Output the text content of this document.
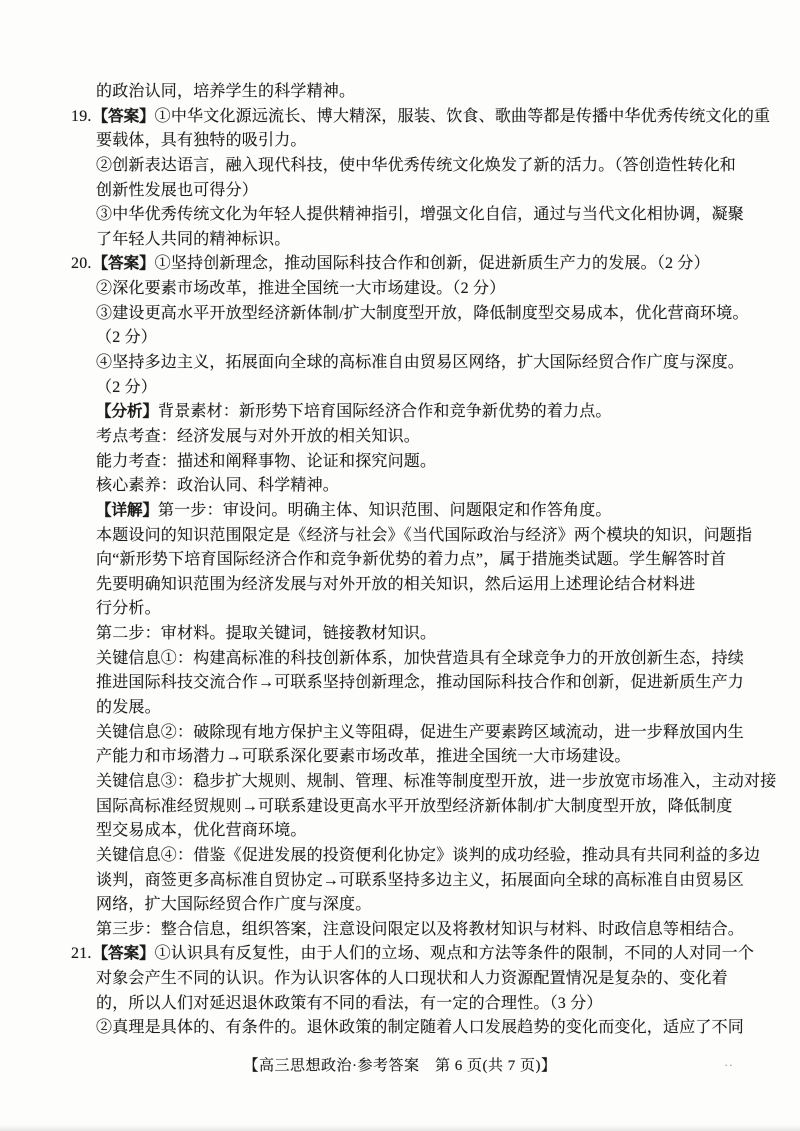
的政治认同，培养学生的科学精神。
19.【答案】①中华文化源远流长、博大精深，服装、饮食、歌曲等都是传播中华优秀传统文化的重
要载体，具有独特的吸引力。
②创新表达语言，融入现代科技，使中华优秀传统文化焕发了新的活力。（答创造性转化和
创新性发展也可得分）
③中华优秀传统文化为年轻人提供精神指引，增强文化自信，通过与当代文化相协调，凝聚
了年轻人共同的精神标识。
20.【答案】①坚持创新理念，推动国际科技合作和创新，促进新质生产力的发展。（2 分）
②深化要素市场改革，推进全国统一大市场建设。（2 分）
③建设更高水平开放型经济新体制/扩大制度型开放，降低制度型交易成本，优化营商环境。
（2 分）
④坚持多边主义，拓展面向全球的高标准自由贸易区网络，扩大国际经贸合作广度与深度。
（2 分）
【分析】背景素材：新形势下培育国际经济合作和竞争新优势的着力点。
考点考查：经济发展与对外开放的相关知识。
能力考查：描述和阐释事物、论证和探究问题。
核心素养：政治认同、科学精神。
【详解】第一步：审设问。明确主体、知识范围、问题限定和作答角度。
本题设问的知识范围限定是《经济与社会》《当代国际政治与经济》两个模块的知识，问题指
向“新形势下培育国际经济合作和竞争新优势的着力点”，属于措施类试题。学生解答时首
先要明确知识范围为经济发展与对外开放的相关知识，然后运用上述理论结合材料进
行分析。
第二步：审材料。提取关键词，链接教材知识。
关键信息①：构建高标准的科技创新体系，加快营造具有全球竞争力的开放创新生态，持续
推进国际科技交流合作→可联系坚持创新理念，推动国际科技合作和创新，促进新质生产力
的发展。
关键信息②：破除现有地方保护主义等阻碍，促进生产要素跨区域流动，进一步释放国内生
产能力和市场潜力→可联系深化要素市场改革，推进全国统一大市场建设。
关键信息③：稳步扩大规则、规制、管理、标准等制度型开放，进一步放宽市场准入，主动对接
国际高标准经贸规则→可联系建设更高水平开放型经济新体制/扩大制度型开放，降低制度
型交易成本，优化营商环境。
关键信息④：借鉴《促进发展的投资便利化协定》谈判的成功经验，推动具有共同利益的多边
谈判，商签更多高标准自贸协定→可联系坚持多边主义，拓展面向全球的高标准自由贸易区
网络，扩大国际经贸合作广度与深度。
第三步：整合信息，组织答案，注意设问限定以及将教材知识与材料、时政信息等相结合。
21.【答案】①认识具有反复性，由于人们的立场、观点和方法等条件的限制，不同的人对同一个
对象会产生不同的认识。作为认识客体的人口现状和人力资源配置情况是复杂的、变化着
的，所以人们对延迟退休政策有不同的看法，有一定的合理性。（3 分）
②真理是具体的、有条件的。退休政策的制定随着人口发展趋势的变化而变化，适应了不同
【高三思想政治·参考答案　第 6 页(共 7 页)】	..
